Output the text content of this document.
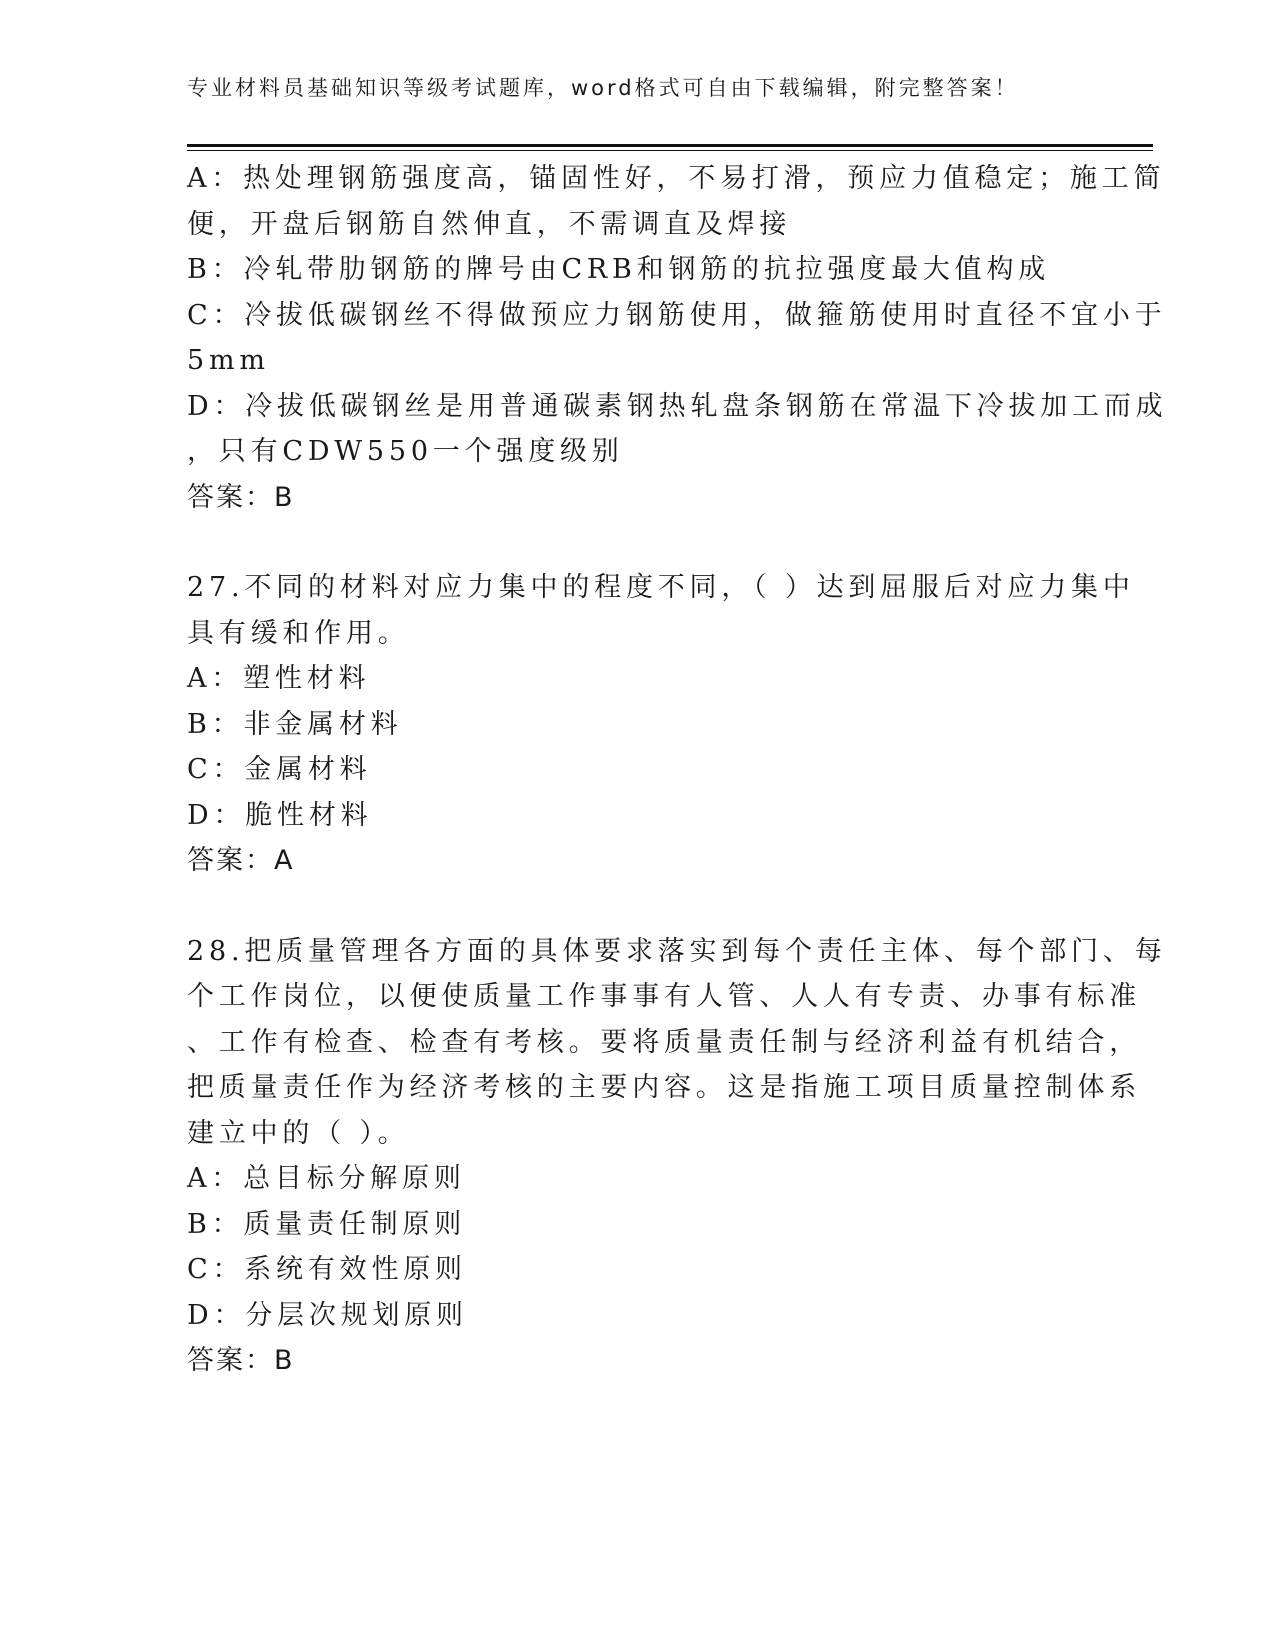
专业材料员基础知识等级考试题库，word格式可自由下载编辑，附完整答案！
A：热处理钢筋强度高，锚固性好，不易打滑，预应力值稳定；施工简
便，开盘后钢筋自然伸直，不需调直及焊接
B：冷轧带肋钢筋的牌号由CRB和钢筋的抗拉强度最大值构成
C：冷拔低碳钢丝不得做预应力钢筋使用，做箍筋使用时直径不宜小于
5mm
D：冷拔低碳钢丝是用普通碳素钢热轧盘条钢筋在常温下冷拔加工而成
，只有CDW550一个强度级别
答案：B
27.不同的材料对应力集中的程度不同，（ ）达到屈服后对应力集中
具有缓和作用。
A：塑性材料
B：非金属材料
C：金属材料
D：脆性材料
答案：A
28.把质量管理各方面的具体要求落实到每个责任主体、每个部门、每
个工作岗位，以便使质量工作事事有人管、人人有专责、办事有标准
、工作有检查、检查有考核。要将质量责任制与经济利益有机结合，
把质量责任作为经济考核的主要内容。这是指施工项目质量控制体系
建立中的（ ）。
A：总目标分解原则
B：质量责任制原则
C：系统有效性原则
D：分层次规划原则
答案：B
